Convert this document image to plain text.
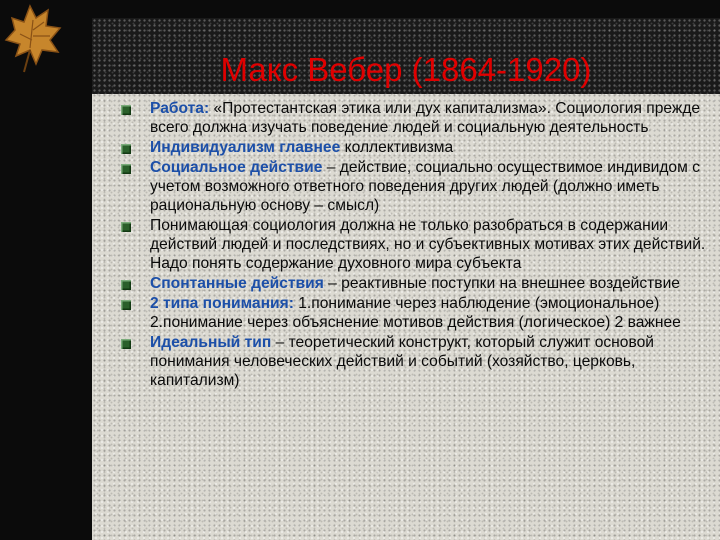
Макс Вебер (1864-1920)
Работа: «Протестантская этика или дух капитализма». Социология прежде всего должна изучать поведение людей и социальную деятельность
Индивидуализм главнее коллективизма
Социальное действие – действие, социально осуществимое индивидом с учетом возможного ответного поведения других людей (должно иметь рациональную основу – смысл)
Понимающая социология должна не только разобраться в содержании действий людей и последствиях, но и субъективных мотивах этих действий. Надо понять содержание духовного мира субъекта
Спонтанные действия – реактивные поступки на внешнее воздействие
2 типа понимания: 1.понимание через наблюдение (эмоциональное) 2.понимание через объяснение мотивов действия (логическое) 2 важнее
Идеальный тип – теоретический конструкт, который служит основой понимания человеческих действий и событий (хозяйство, церковь, капитализм)
